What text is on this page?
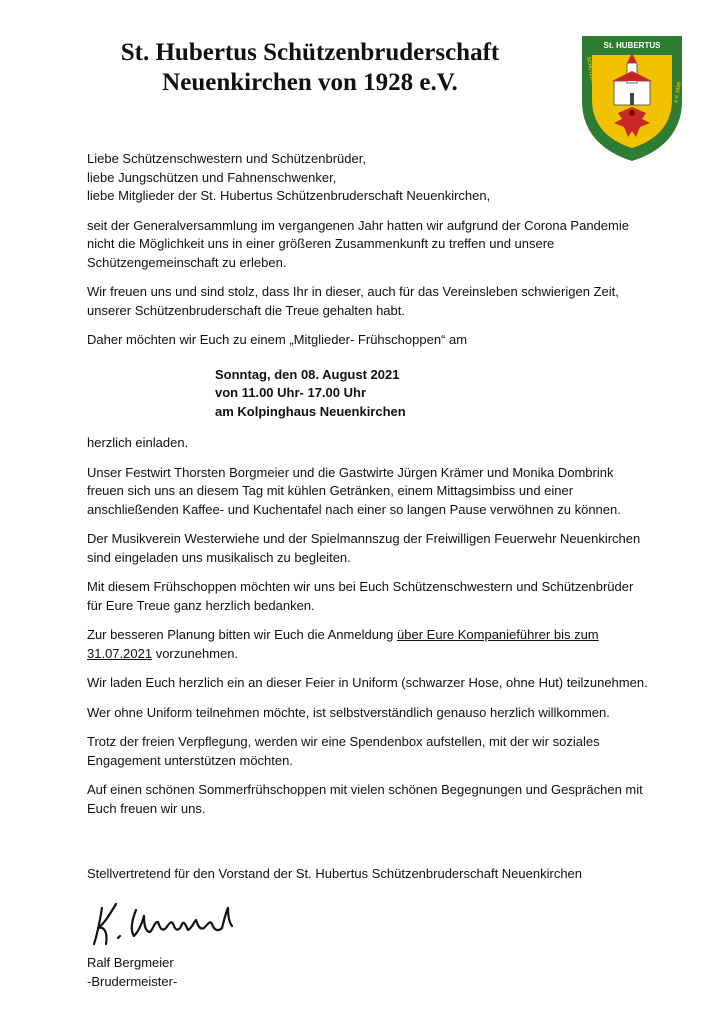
St. Hubertus Schützenbruderschaft
Neuenkirchen von 1928 e.V.
St. HUBERTUS
SCHÜTZENBRUDERSCHAFT	e.V. 1928
Liebe Schützenschwestern und Schützenbrüder,
liebe Jungschützen und Fahnenschwenker,
liebe Mitglieder der St. Hubertus Schützenbruderschaft Neuenkirchen,
seit der Generalversammlung im vergangenen Jahr hatten wir aufgrund der Corona Pandemie
nicht die Möglichkeit uns in einer größeren Zusammenkunft zu treffen und unsere
Schützengemeinschaft zu erleben.
Wir freuen uns und sind stolz, dass Ihr in dieser, auch für das Vereinsleben schwierigen Zeit,
unserer Schützenbruderschaft die Treue gehalten habt.
Daher möchten wir Euch zu einem „Mitglieder- Frühschoppen“ am
Sonntag, den 08. August 2021
von 11.00 Uhr- 17.00 Uhr
am Kolpinghaus Neuenkirchen
herzlich einladen.
Unser Festwirt Thorsten Borgmeier und die Gastwirte Jürgen Krämer und Monika Dombrink
freuen sich uns an diesem Tag mit kühlen Getränken, einem Mittagsimbiss und einer
anschließenden Kaffee- und Kuchentafel nach einer so langen Pause verwöhnen zu können.
Der Musikverein Westerwiehe und der Spielmannszug der Freiwilligen Feuerwehr Neuenkirchen
sind eingeladen uns musikalisch zu begleiten.
Mit diesem Frühschoppen möchten wir uns bei Euch Schützenschwestern und Schützenbrüder
für Eure Treue ganz herzlich bedanken.
Zur besseren Planung bitten wir Euch die Anmeldung über Eure Kompanieführer bis zum
31.07.2021 vorzunehmen.
Wir laden Euch herzlich ein an dieser Feier in Uniform (schwarzer Hose, ohne Hut) teilzunehmen.
Wer ohne Uniform teilnehmen möchte, ist selbstverständlich genauso herzlich willkommen.
Trotz der freien Verpflegung, werden wir eine Spendenbox aufstellen, mit der wir soziales
Engagement unterstützen möchten.
Auf einen schönen Sommerfrühschoppen mit vielen schönen Begegnungen und Gesprächen mit
Euch freuen wir uns.
Stellvertretend für den Vorstand der St. Hubertus Schützenbruderschaft Neuenkirchen
Ralf Bergmeier
-Brudermeister-
